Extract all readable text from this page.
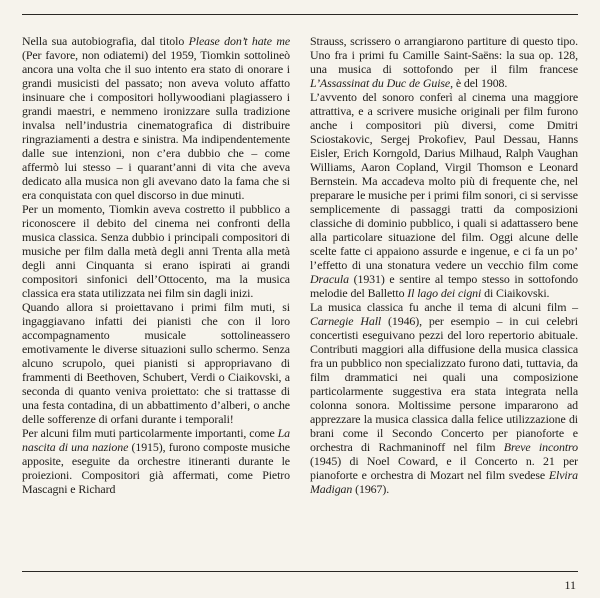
Nella sua autobiografia, dal titolo Please don’t hate me (Per favore, non odiatemi) del 1959, Tiomkin sottolineò ancora una volta che il suo intento era stato di onorare i grandi musicisti del passato; non aveva voluto affatto insinuare che i compositori hollywoodiani plagiassero i grandi maestri, e nemmeno ironizzare sulla tradizione invalsa nell’industria cinematografica di distribuire ringraziamenti a destra e sinistra. Ma indipendentemente dalle sue intenzioni, non c’era dubbio che – come affermò lui stesso – i quarant’anni di vita che aveva dedicato alla musica non gli avevano dato la fama che si era conquistata con quel discorso in due minuti.

Per un momento, Tiomkin aveva costretto il pubblico a riconoscere il debito del cinema nei confronti della musica classica. Senza dubbio i principali compositori di musiche per film dalla metà degli anni Trenta alla metà degli anni Cinquanta si erano ispirati ai grandi compositori sinfonici dell’Ottocento, ma la musica classica era stata utilizzata nei film sin dagli inizi.

Quando allora si proiettavano i primi film muti, si ingaggiavano infatti dei pianisti che con il loro accompagnamento musicale sottolineassero emotivamente le diverse situazioni sullo schermo. Senza alcuno scrupolo, quei pianisti si appropriavano di frammenti di Beethoven, Schubert, Verdi o Ciaikovski, a seconda di quanto veniva proiettato: che si trattasse di una festa contadina, di un abbattimento d’alberi, o anche delle sofferenze di orfani durante i temporali!

Per alcuni film muti particolarmente importanti, come La nascita di una nazione (1915), furono composte musiche apposite, eseguite da orchestre itineranti durante le proiezioni. Compositori già affermati, come Pietro Mascagni e Richard

Strauss, scrissero o arrangiarono partiture di questo tipo. Uno fra i primi fu Camille Saint-Saëns: la sua op. 128, una musica di sottofondo per il film francese L’Assassinat du Duc de Guise, è del 1908.

L’avvento del sonoro conferì al cinema una maggiore attrattiva, e a scrivere musiche originali per film furono anche i compositori più diversi, come Dmitri Sciostakovic, Sergej Prokofiev, Paul Dessau, Hanns Eisler, Erich Korngold, Darius Milhaud, Ralph Vaughan Williams, Aaron Copland, Virgil Thomson e Leonard Bernstein. Ma accadeva molto più di frequente che, nel preparare le musiche per i primi film sonori, ci si servisse semplicemente di passaggi tratti da composizioni classiche di dominio pubblico, i quali si adattassero bene alla particolare situazione del film. Oggi alcune delle scelte fatte ci appaiono assurde e ingenue, e ci fa un po’ l’effetto di una stonatura vedere un vecchio film come Dracula (1931) e sentire al tempo stesso in sottofondo melodie del Balletto Il lago dei cigni di Ciaikovski.

La musica classica fu anche il tema di alcuni film – Carnegie Hall (1946), per esempio – in cui celebri concertisti eseguivano pezzi del loro repertorio abituale. Contributi maggiori alla diffusione della musica classica fra un pubblico non specializzato furono dati, tuttavia, da film drammatici nei quali una composizione particolarmente suggestiva era stata integrata nella colonna sonora. Moltissime persone impararono ad apprezzare la musica classica dalla felice utilizzazione di brani come il Secondo Concerto per pianoforte e orchestra di Rachmaninoff nel film Breve incontro (1945) di Noel Coward, e il Concerto n. 21 per pianoforte e orchestra di Mozart nel film svedese Elvira Madigan (1967).

11
